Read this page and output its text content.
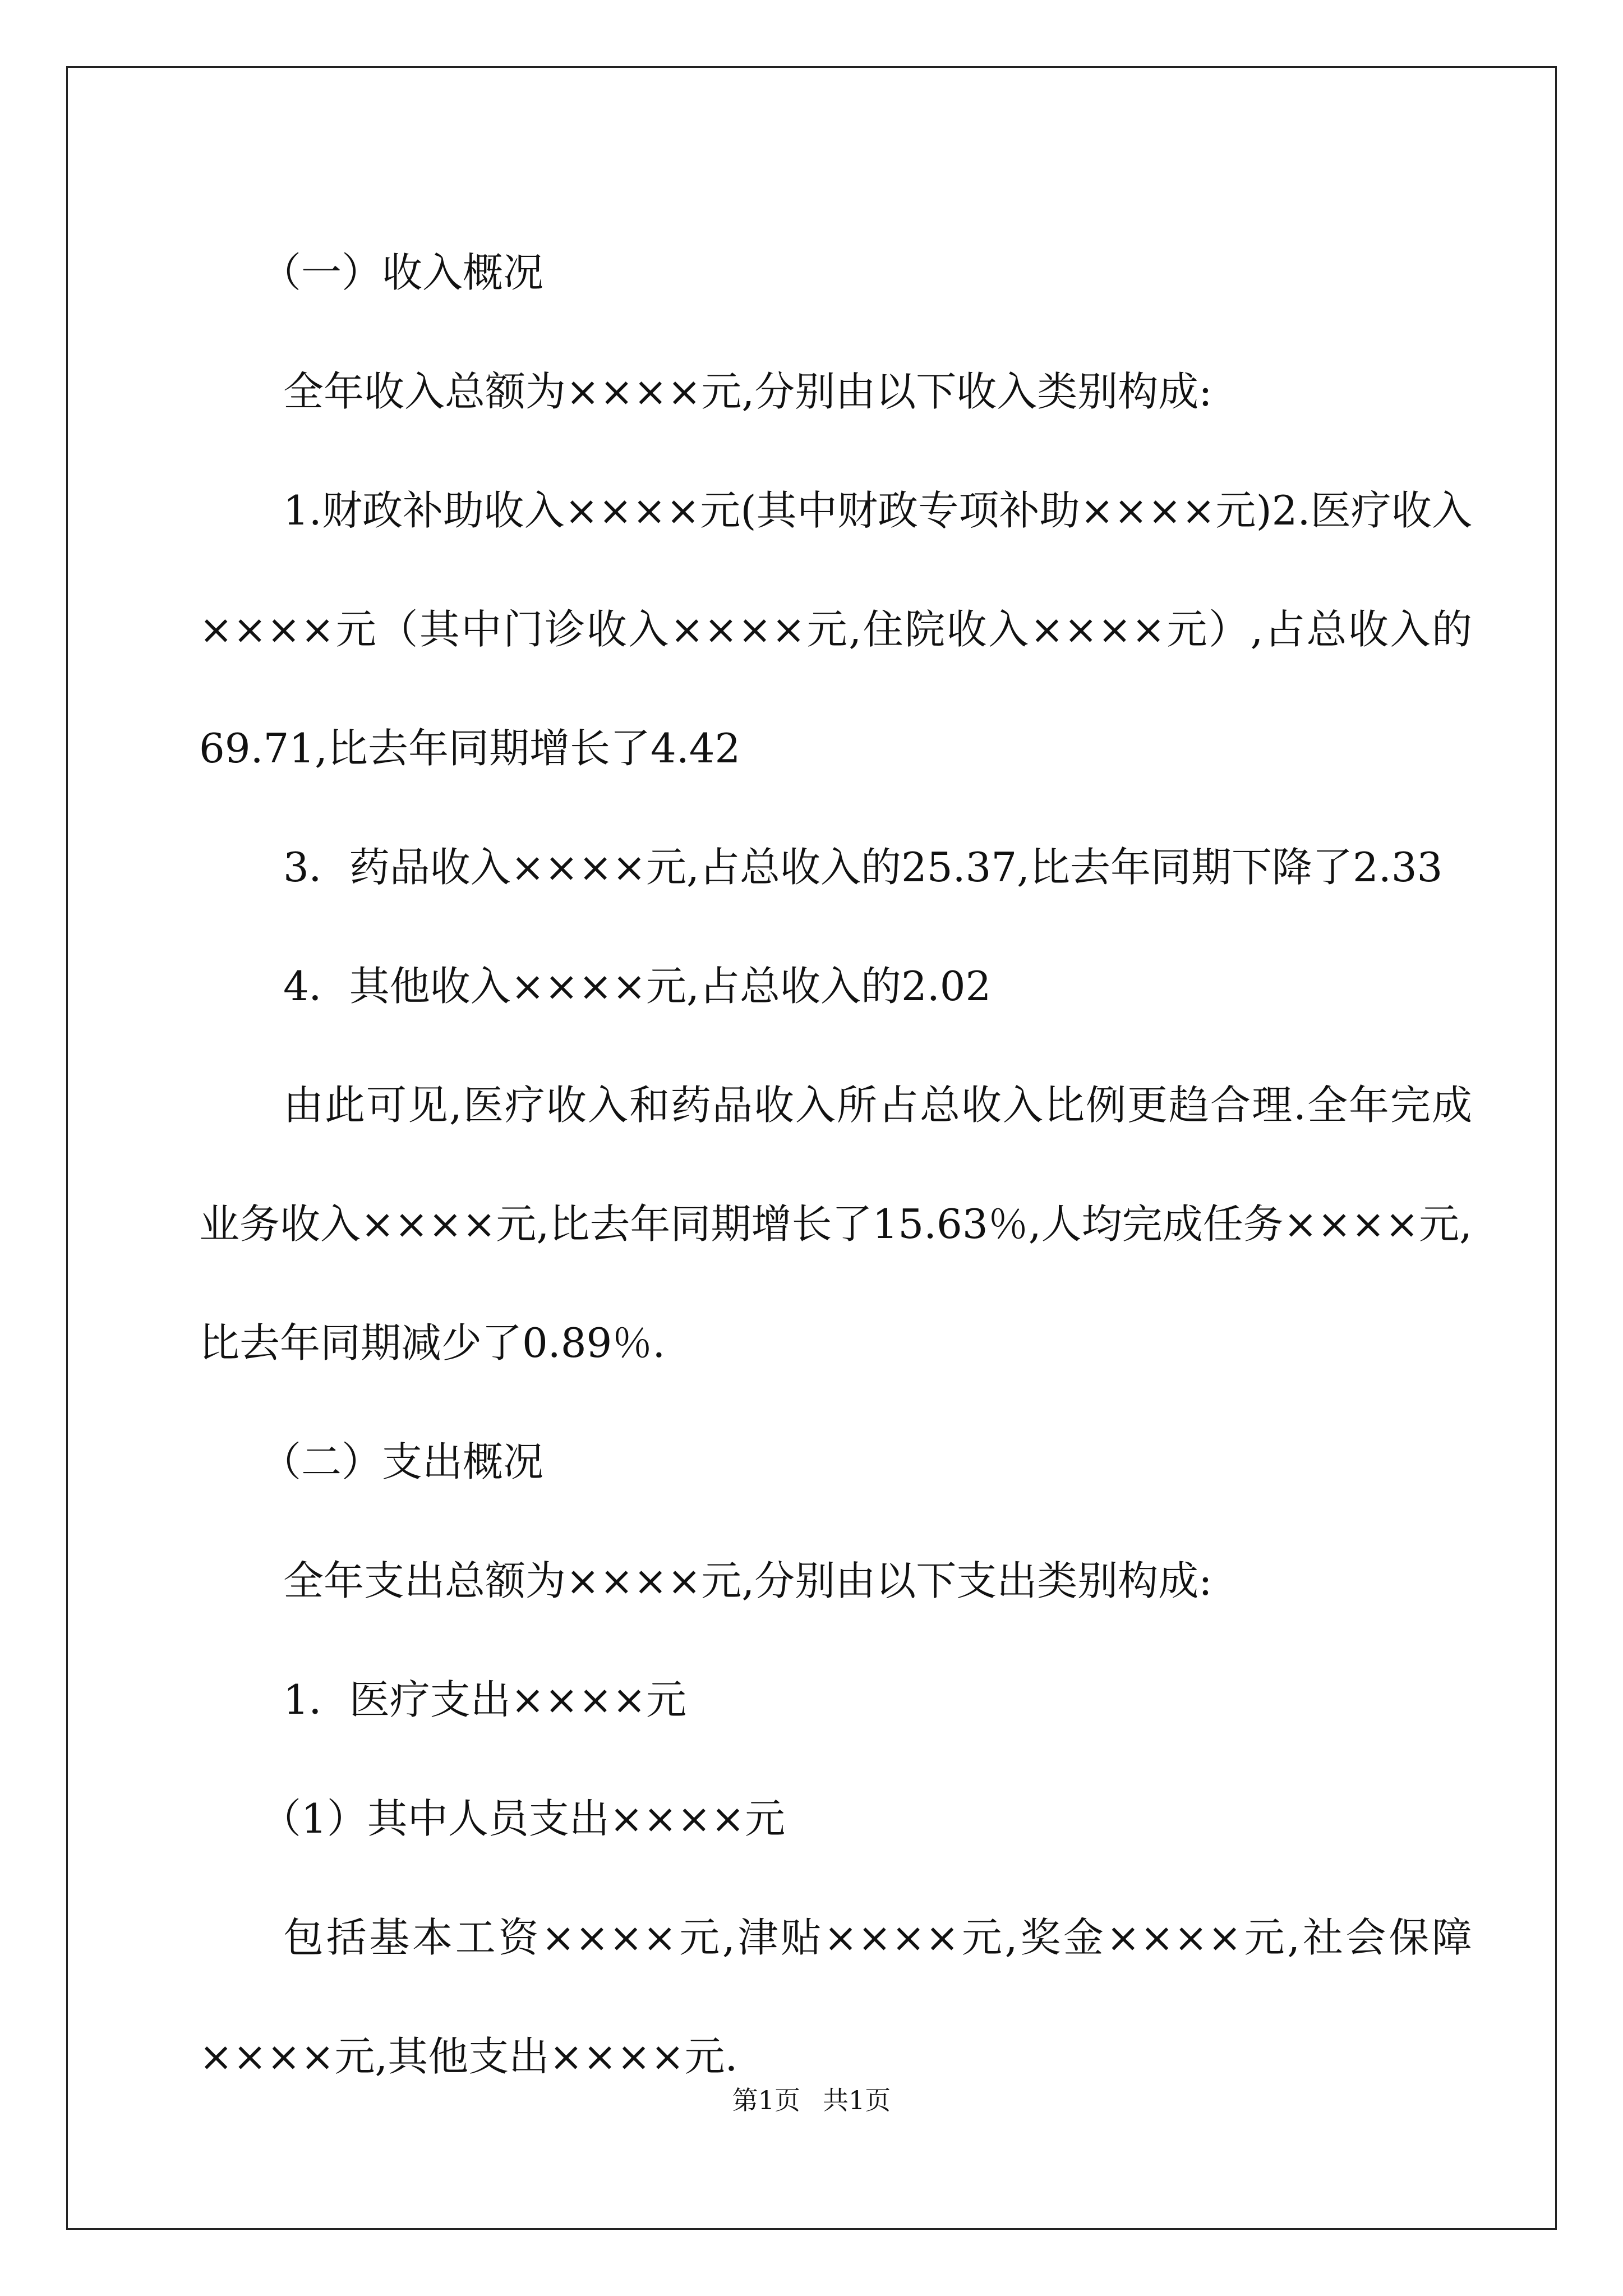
（一）收入概况

全年收入总额为××××元,分别由以下收入类别构成:

1.财政补助收入××××元(其中财政专项补助××××元)2.医疗收入××××元（其中门诊收入××××元,住院收入××××元）,占总收入的69.71,比去年同期增长了4.42

3．药品收入××××元,占总收入的25.37,比去年同期下降了2.33

4．其他收入××××元,占总收入的2.02

由此可见,医疗收入和药品收入所占总收入比例更趋合理.全年完成业务收入××××元,比去年同期增长了15.63％,人均完成任务××××元,比去年同期减少了0.89％.

（二）支出概况

全年支出总额为××××元,分别由以下支出类别构成:

1．医疗支出××××元

（1）其中人员支出××××元

包括基本工资××××元,津贴××××元,奖金××××元,社会保障××××元,其他支出××××元.

第1页 共1页
